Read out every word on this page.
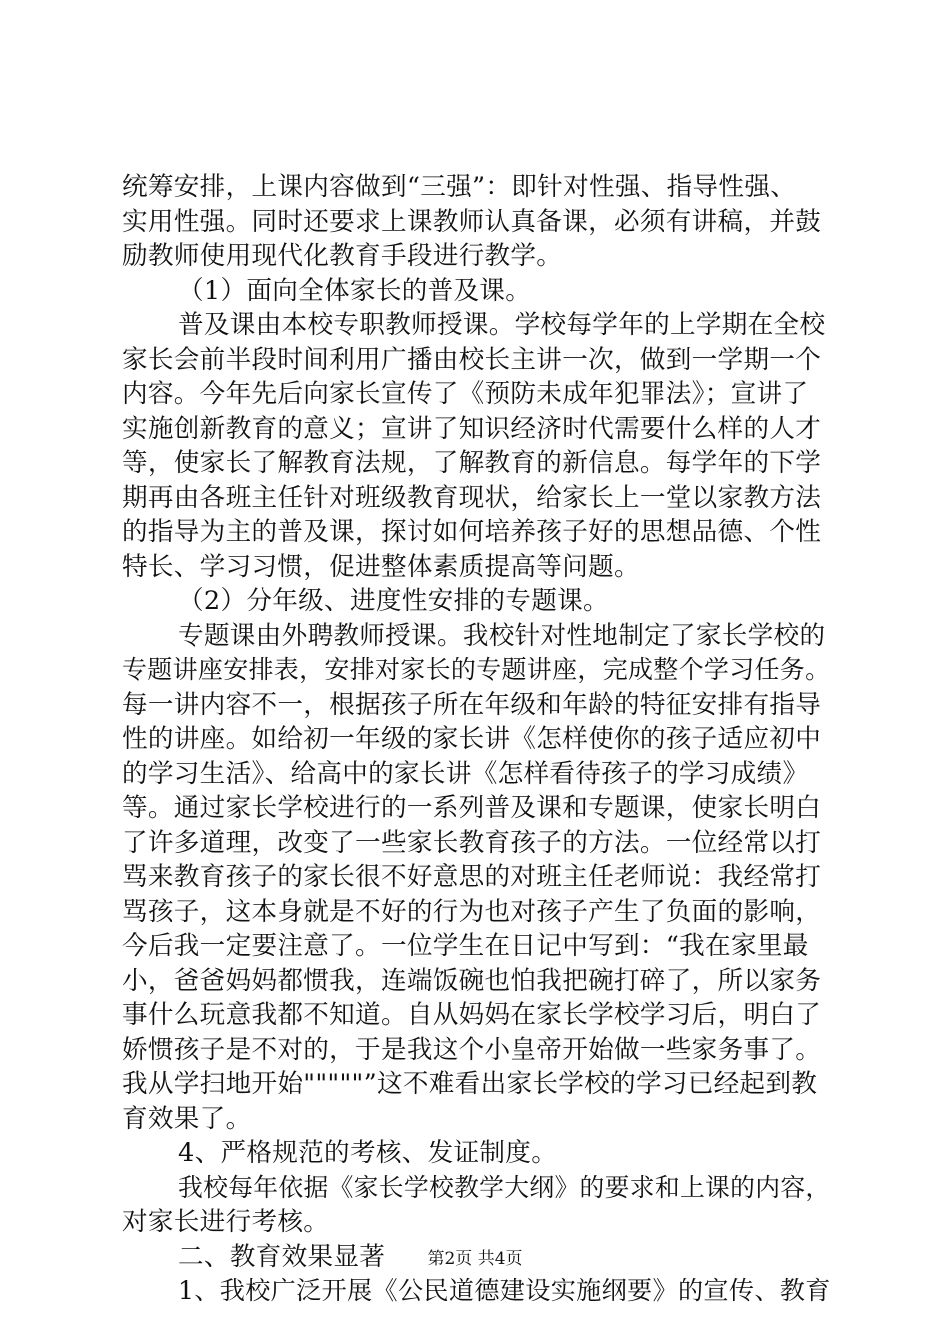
统筹安排，上课内容做到“三强”：即针对性强、指导性强、
实用性强。同时还要求上课教师认真备课，必须有讲稿，并鼓
励教师使用现代化教育手段进行教学。
（1）面向全体家长的普及课。
普及课由本校专职教师授课。学校每学年的上学期在全校
家长会前半段时间利用广播由校长主讲一次，做到一学期一个
内容。今年先后向家长宣传了《预防未成年犯罪法》；宣讲了
实施创新教育的意义；宣讲了知识经济时代需要什么样的人才
等，使家长了解教育法规，了解教育的新信息。每学年的下学
期再由各班主任针对班级教育现状，给家长上一堂以家教方法
的指导为主的普及课，探讨如何培养孩子好的思想品德、个性
特长、学习习惯，促进整体素质提高等问题。
（2）分年级、进度性安排的专题课。
专题课由外聘教师授课。我校针对性地制定了家长学校的
专题讲座安排表，安排对家长的专题讲座，完成整个学习任务。
每一讲内容不一，根据孩子所在年级和年龄的特征安排有指导
性的讲座。如给初一年级的家长讲《怎样使你的孩子适应初中
的学习生活》、给高中的家长讲《怎样看待孩子的学习成绩》
等。通过家长学校进行的一系列普及课和专题课，使家长明白
了许多道理，改变了一些家长教育孩子的方法。一位经常以打
骂来教育孩子的家长很不好意思的对班主任老师说：我经常打
骂孩子，这本身就是不好的行为也对孩子产生了负面的影响，
今后我一定要注意了。一位学生在日记中写到：“我在家里最
小，爸爸妈妈都惯我，连端饭碗也怕我把碗打碎了，所以家务
事什么玩意我都不知道。自从妈妈在家长学校学习后，明白了
娇惯孩子是不对的，于是我这个小皇帝开始做一些家务事了。
我从学扫地开始"""""”这不难看出家长学校的学习已经起到教
育效果了。
4、严格规范的考核、发证制度。
我校每年依据《家长学校教学大纲》的要求和上课的内容，
对家长进行考核。
二、教育效果显著
1、我校广泛开展《公民道德建设实施纲要》的宣传、教育
第2页 共4页
